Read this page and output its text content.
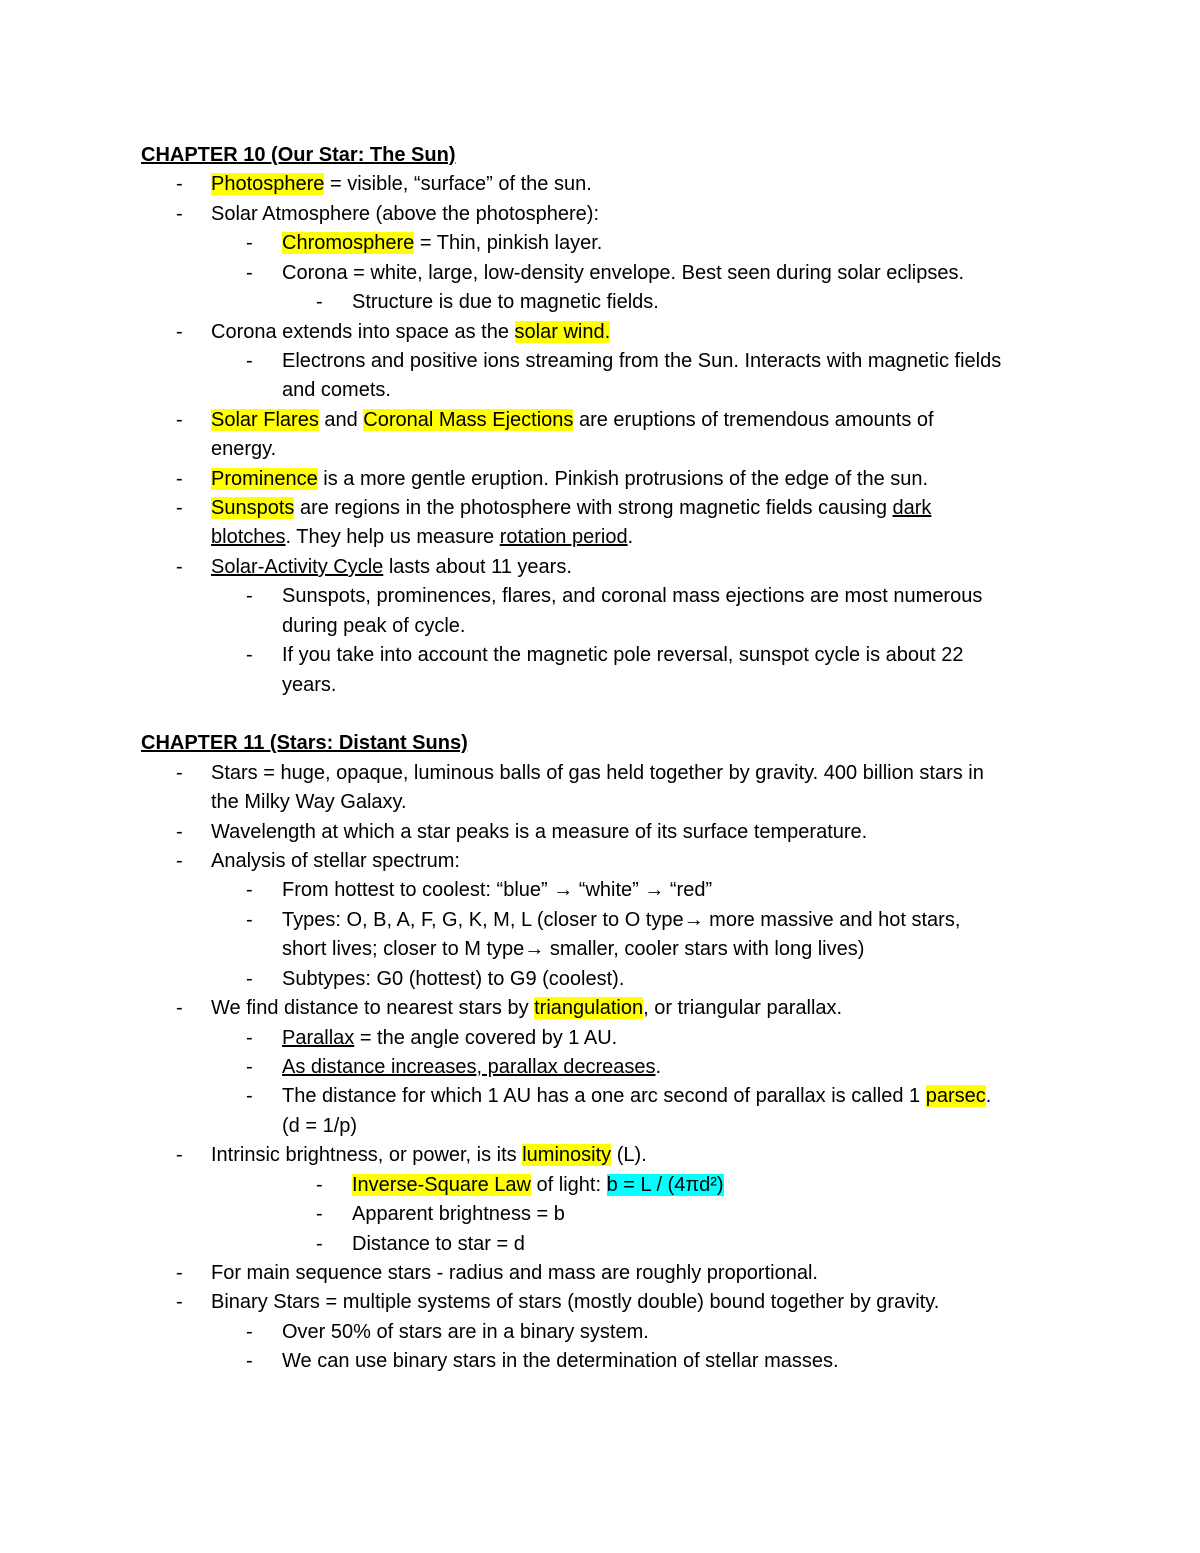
CHAPTER 10 (Our Star: The Sun)
- Photosphere = visible, “surface” of the sun.
- Solar Atmosphere (above the photosphere):
- Chromosphere = Thin, pinkish layer.
- Corona = white, large, low-density envelope. Best seen during solar eclipses.
- Structure is due to magnetic fields.
- Corona extends into space as the solar wind.
- Electrons and positive ions streaming from the Sun. Interacts with magnetic fields
and comets.
- Solar Flares and Coronal Mass Ejections are eruptions of tremendous amounts of
energy.
- Prominence is a more gentle eruption. Pinkish protrusions of the edge of the sun.
- Sunspots are regions in the photosphere with strong magnetic fields causing dark
blotches. They help us measure rotation period.
- Solar-Activity Cycle lasts about 11 years.
- Sunspots, prominences, flares, and coronal mass ejections are most numerous
during peak of cycle.
- If you take into account the magnetic pole reversal, sunspot cycle is about 22
years.
CHAPTER 11 (Stars: Distant Suns)
- Stars = huge, opaque, luminous balls of gas held together by gravity. 400 billion stars in
the Milky Way Galaxy.
- Wavelength at which a star peaks is a measure of its surface temperature.
- Analysis of stellar spectrum:
- From hottest to coolest: “blue” → “white” → “red”
- Types: O, B, A, F, G, K, M, L (closer to O type→ more massive and hot stars,
short lives; closer to M type→ smaller, cooler stars with long lives)
- Subtypes: G0 (hottest) to G9 (coolest).
- We find distance to nearest stars by triangulation, or triangular parallax.
- Parallax = the angle covered by 1 AU.
- As distance increases, parallax decreases.
- The distance for which 1 AU has a one arc second of parallax is called 1 parsec.
(d = 1/p)
- Intrinsic brightness, or power, is its luminosity (L).
- Inverse-Square Law of light: b = L / (4πd²)
- Apparent brightness = b
- Distance to star = d
- For main sequence stars - radius and mass are roughly proportional.
- Binary Stars = multiple systems of stars (mostly double) bound together by gravity.
- Over 50% of stars are in a binary system.
- We can use binary stars in the determination of stellar masses.
